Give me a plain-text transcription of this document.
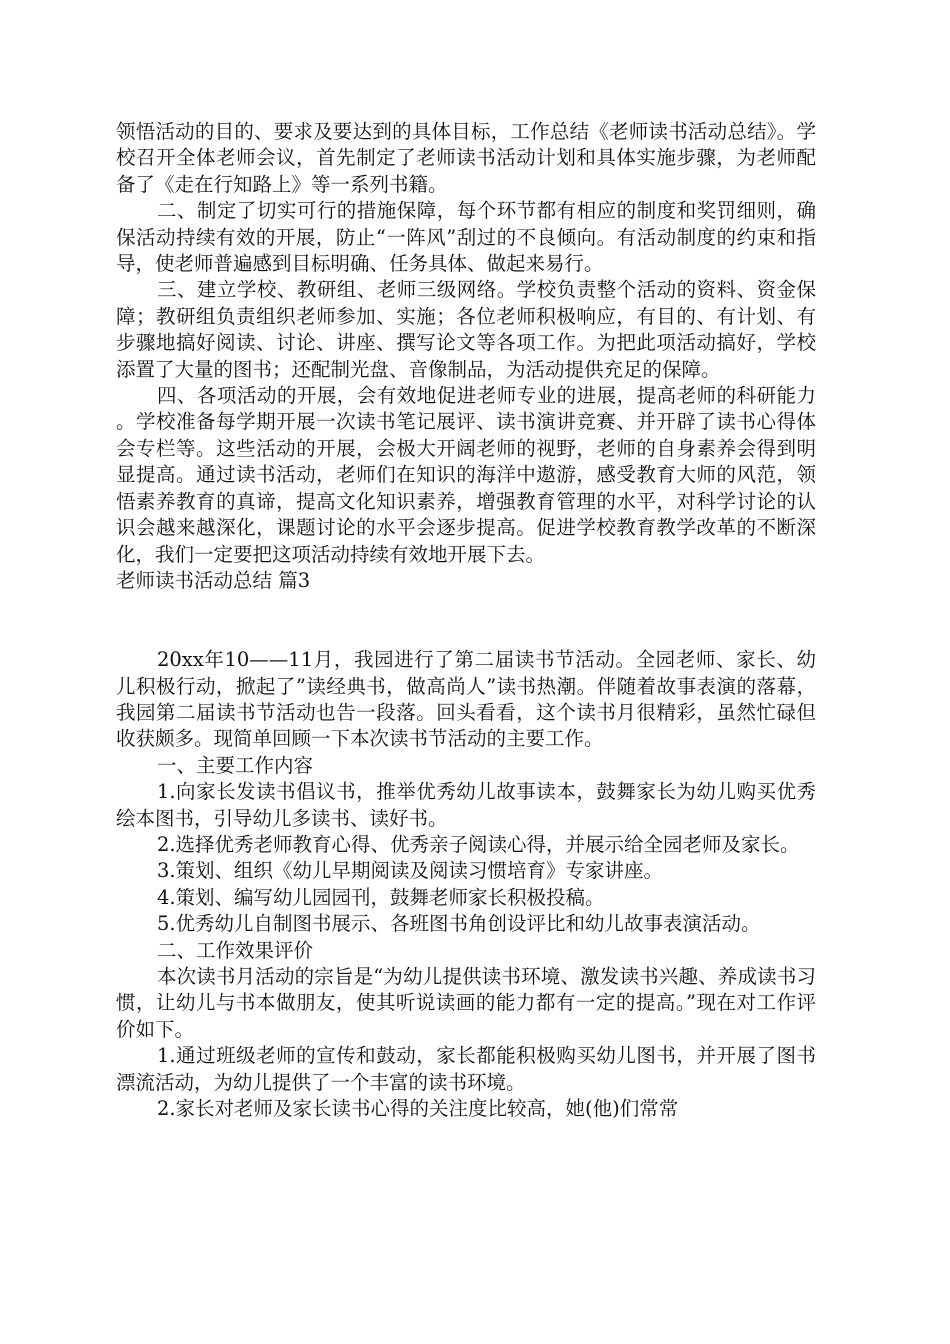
领悟活动的目的、要求及要达到的具体目标，工作总结《老师读书活动总结》。学校召开全体老师会议，首先制定了老师读书活动计划和具体实施步骤，为老师配备了《走在行知路上》等一系列书籍。

二、制定了切实可行的措施保障，每个环节都有相应的制度和奖罚细则，确保活动持续有效的开展，防止“一阵风”刮过的不良倾向。有活动制度的约束和指导，使老师普遍感到目标明确、任务具体、做起来易行。

三、建立学校、教研组、老师三级网络。学校负责整个活动的资料、资金保障；教研组负责组织老师参加、实施；各位老师积极响应，有目的、有计划、有步骤地搞好阅读、讨论、讲座、撰写论文等各项工作。为把此项活动搞好，学校添置了大量的图书；还配制光盘、音像制品，为活动提供充足的保障。

四、各项活动的开展，会有效地促进老师专业的进展，提高老师的科研能力。学校准备每学期开展一次读书笔记展评、读书演讲竞赛、并开辟了读书心得体会专栏等。这些活动的开展，会极大开阔老师的视野，老师的自身素养会得到明显提高。通过读书活动，老师们在知识的海洋中遨游，感受教育大师的风范，领悟素养教育的真谛，提高文化知识素养，增强教育管理的水平，对科学讨论的认识会越来越深化，课题讨论的水平会逐步提高。促进学校教育教学改革的不断深化，我们一定要把这项活动持续有效地开展下去。

老师读书活动总结 篇3

20xx年10——11月，我园进行了第二届读书节活动。全园老师、家长、幼儿积极行动，掀起了”读经典书，做高尚人”读书热潮。伴随着故事表演的落幕，我园第二届读书节活动也告一段落。回头看看，这个读书月很精彩，虽然忙碌但收获颇多。现简单回顾一下本次读书节活动的主要工作。

一、主要工作内容

1.向家长发读书倡议书，推举优秀幼儿故事读本，鼓舞家长为幼儿购买优秀绘本图书，引导幼儿多读书、读好书。

2.选择优秀老师教育心得、优秀亲子阅读心得，并展示给全园老师及家长。

3.策划、组织《幼儿早期阅读及阅读习惯培育》专家讲座。

4.策划、编写幼儿园园刊，鼓舞老师家长积极投稿。

5.优秀幼儿自制图书展示、各班图书角创设评比和幼儿故事表演活动。

二、工作效果评价

本次读书月活动的宗旨是“为幼儿提供读书环境、激发读书兴趣、养成读书习惯，让幼儿与书本做朋友，使其听说读画的能力都有一定的提高。”现在对工作评价如下。

1.通过班级老师的宣传和鼓动，家长都能积极购买幼儿图书，并开展了图书漂流活动，为幼儿提供了一个丰富的读书环境。

2.家长对老师及家长读书心得的关注度比较高，她(他)们常常
